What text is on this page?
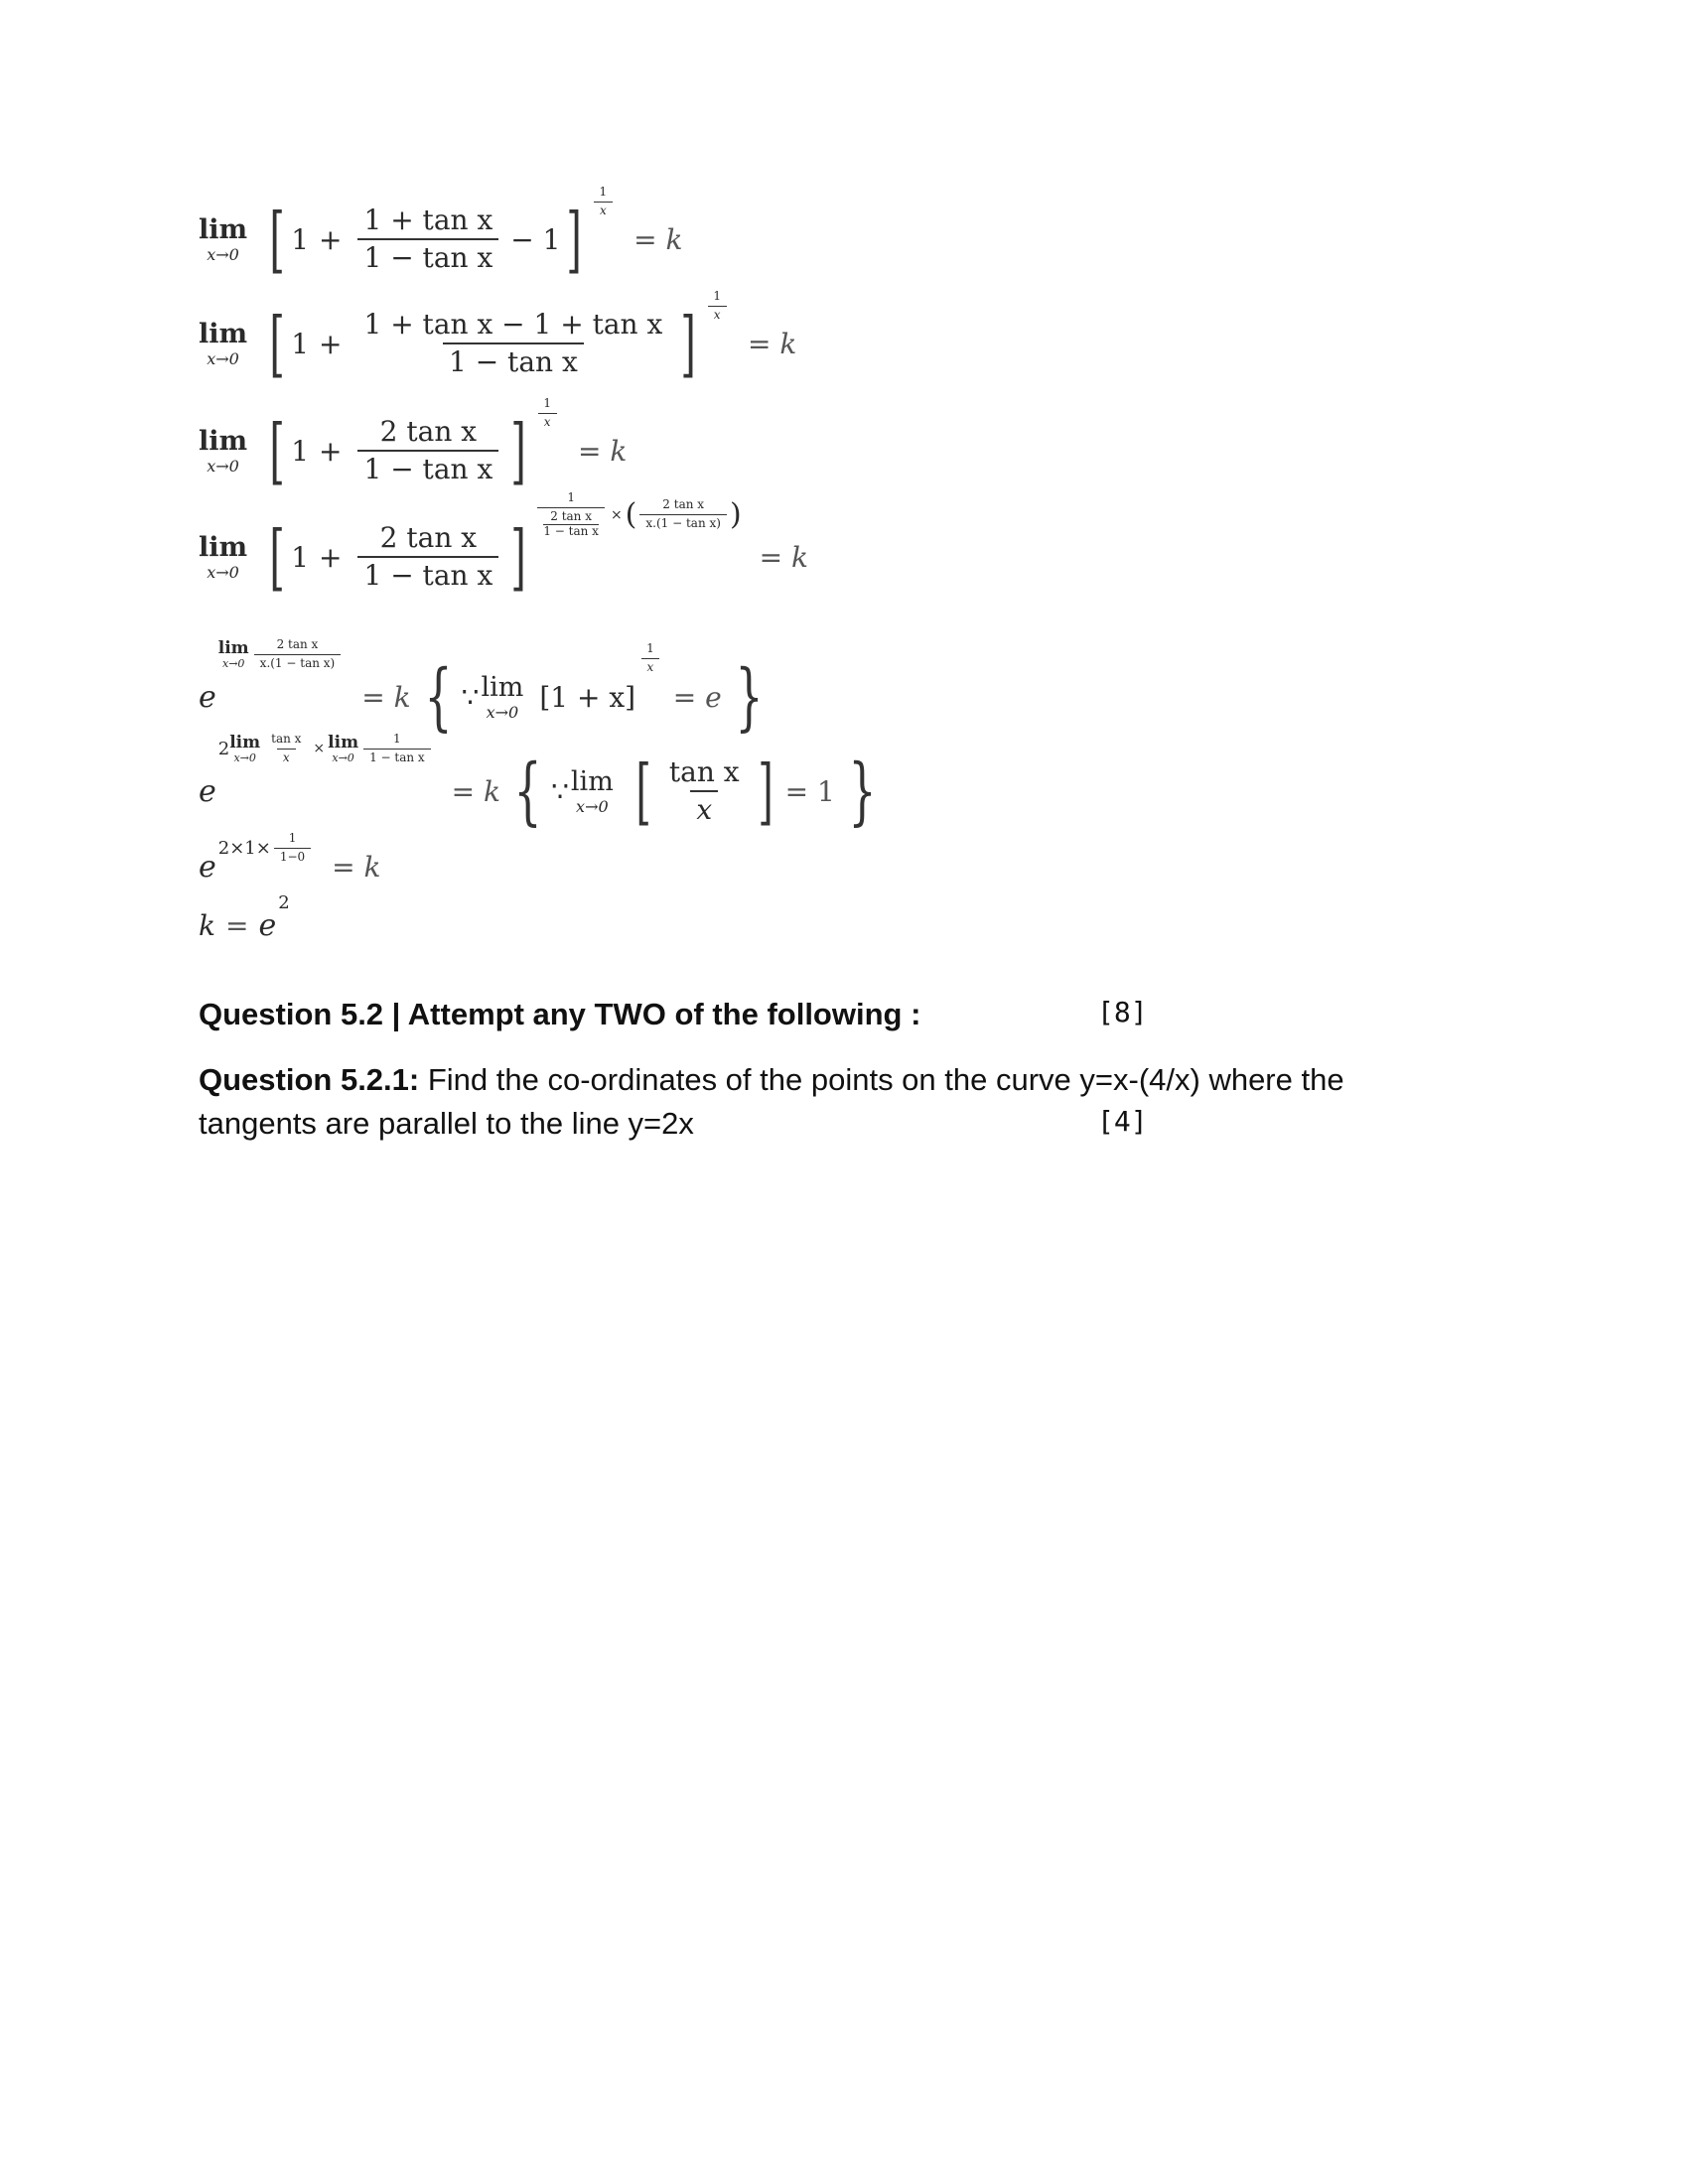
lim
x→0 [ $1 + \frac{\text{1 + tan x}}{\text{1 − tan x}} - 1$ ] $\frac{1}{x}$
= k
lim
x→0 [ $1 + \frac{\text{1 + tan x − 1 + tan x}}{\text{1 − tan x}}$ ] $\frac{1}{x}$
= k
lim
x→0 [ $1 + \frac{\text{2 tan x}}{\text{1 − tan x}}$ ] $\frac{1}{x}$
= k
lim
x→0 [ $1 + \frac{\text{2 tan x}}{\text{1 − tan x}}$ ]
1
2 tan x
1 − tan x × ( $\frac{\text{2 tan x}}{\text{x.(1 − tan x)}}$ )
= k
e
lim
$x\to 0 \frac{\text{2 tan x}}{\text{x.(1 − tan x)}}$
= k { ∵ lim
x→0 [1 + x]
$\frac{1}{x}$
= e }
e
2 lim
$x\to 0 \frac{\text{tan x}}{x} \times \lim$
$x\to 0 \frac{1}{\text{1 − tan x}}$
= k { ∵ lim
x→0 [ $\frac{\text{tan x}}{x}$ ] = 1 }
e
$2\times 1\times \frac{1}{1-0}$
= k
k = e
2
Question 5.2 | Attempt any TWO of the following :	[8]
Question 5.2.1: Find the co-ordinates of the points on the curve y=x-(4/x) where the
tangents are parallel to the line y=2x	[4]
